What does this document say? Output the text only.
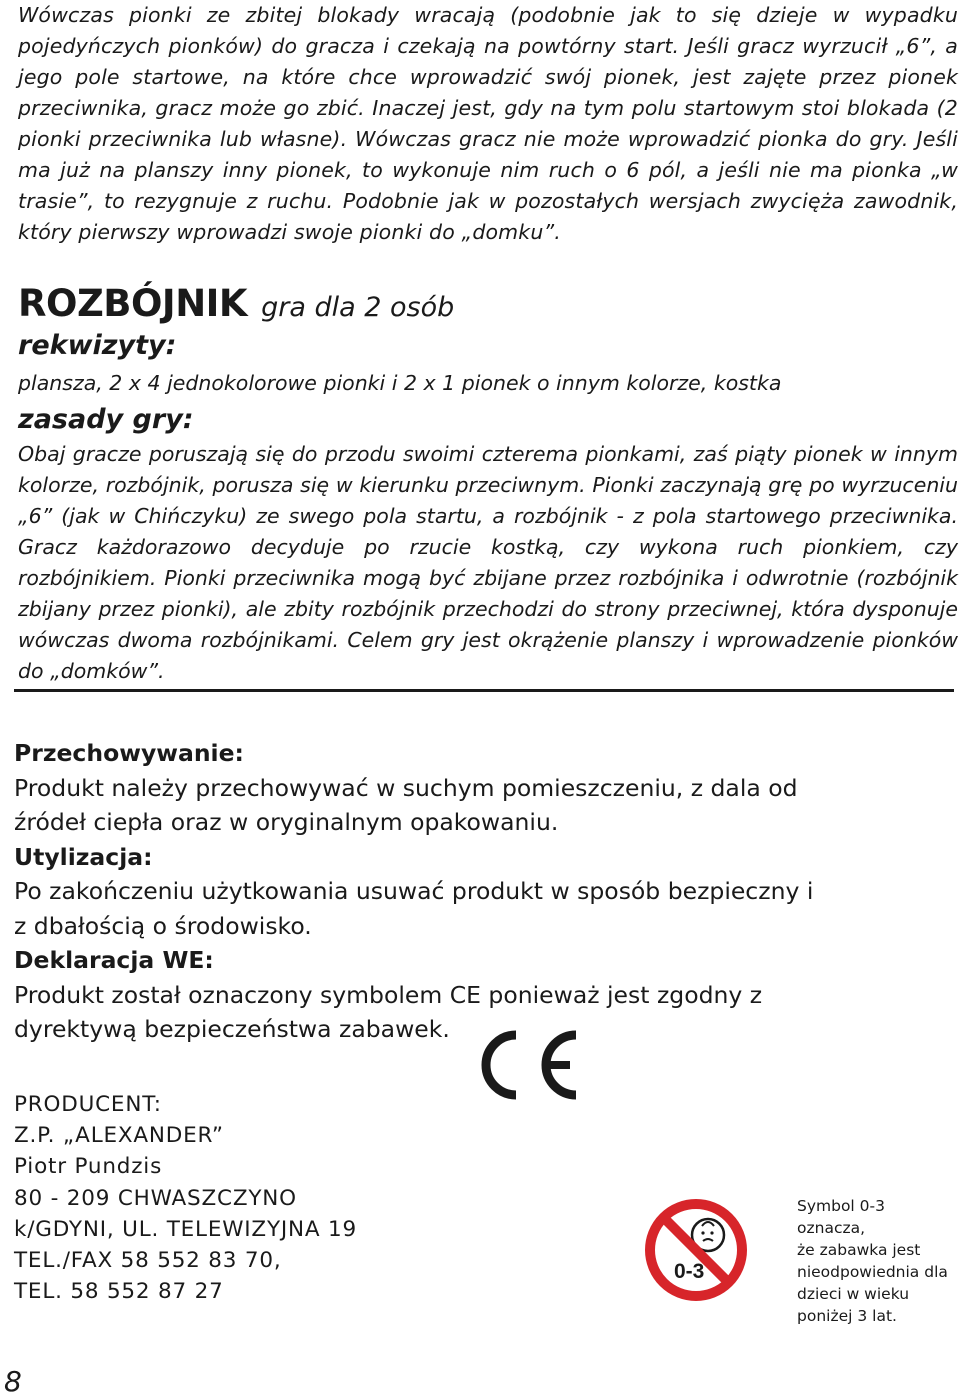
Wówczas pionki ze zbitej blokady wracają (podobnie jak to się dzieje w wypadku pojedyńczych pionków) do gracza i czekają na powtórny start. Jeśli gracz wyrzucił „6”, a jego pole startowe, na które chce wprowadzić swój pionek, jest zajęte przez pionek przeciwnika, gracz może go zbić. Inaczej jest, gdy na tym polu startowym stoi blokada (2 pionki przeciwnika lub własne). Wówczas gracz nie może wprowadzić pionka do gry. Jeśli ma już na planszy inny pionek, to wykonuje nim ruch o 6 pól, a jeśli nie ma pionka „w trasie”, to rezygnuje z ruchu. Podobnie jak w pozostałych wersjach zwycięża zawodnik, który pierwszy wprowadzi swoje pionki do „domku”.

ROZBÓJNIK gra dla 2 osób
rekwizyty:
plansza, 2 x 4 jednokolorowe pionki i 2 x 1 pionek o innym kolorze, kostka
zasady gry:

Obaj gracze poruszają się do przodu swoimi czterema pionkami, zaś piąty pionek w innym kolorze, rozbójnik, porusza się w kierunku przeciwnym. Pionki zaczynają grę po wyrzuceniu „6” (jak w Chińczyku) ze swego pola startu, a rozbójnik - z pola startowego przeciwnika. Gracz każdorazowo decyduje po rzucie kostką, czy wykona ruch pionkiem, czy rozbójnikiem. Pionki przeciwnika mogą być zbijane przez rozbójnika i odwrotnie (rozbójnik zbijany przez pionki), ale zbity rozbójnik przechodzi do strony przeciwnej, która dysponuje wówczas dwoma rozbójnikami. Celem gry jest okrążenie planszy i wprowadzenie pionków do „domków”.

Przechowywanie:

Produkt należy przechowywać w suchym pomieszczeniu, z dala od źródeł ciepła oraz w oryginalnym opakowaniu.

Utylizacja:

Po zakończeniu użytkowania usuwać produkt w sposób bezpieczny i z dbałością o środowisko.

Deklaracja WE:

Produkt został oznaczony symbolem CE ponieważ jest zgodny z dyrektywą bezpieczeństwa zabawek.

PRODUCENT:
Z.P. „ALEXANDER”
Piotr Pundzis
80 - 209 CHWASZCZYNO
k/GDYNI, UL. TELEWIZYJNA 19
TEL./FAX 58 552 83 70,
TEL. 58 552 87 27
0-3
Symbol 0-3 oznacza,
że zabawka jest
nieodpowiednia dla
dzieci w wieku
poniżej 3 lat.
8
